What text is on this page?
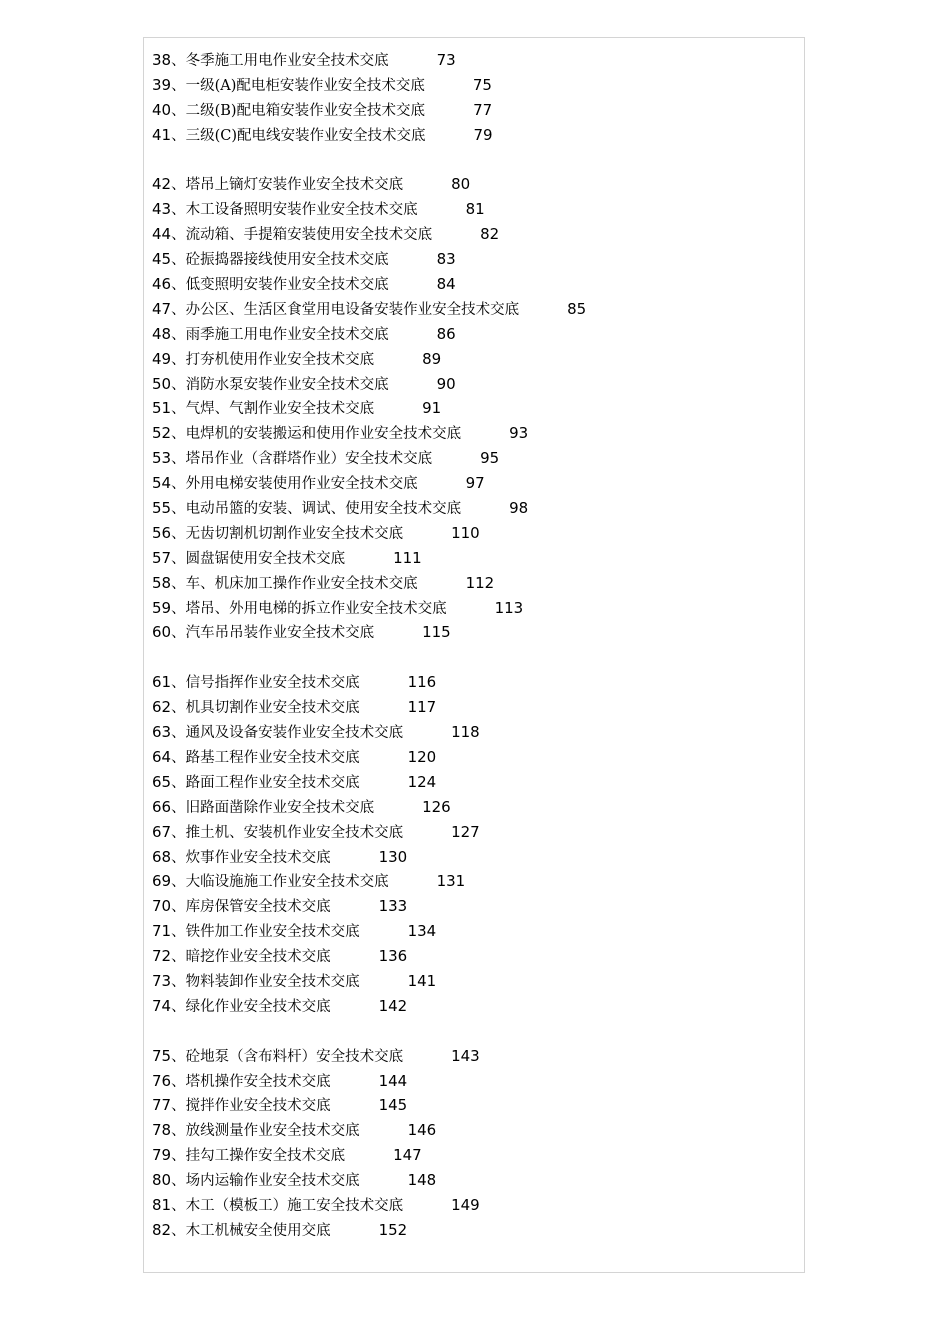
38、冬季施工用电作业安全技术交底	73
39、一级(A)配电柜安装作业安全技术交底	75
40、二级(B)配电箱安装作业安全技术交底	77
41、三级(C)配电线安装作业安全技术交底	79
42、塔吊上镝灯安装作业安全技术交底	80
43、木工设备照明安装作业安全技术交底	81
44、流动箱、手提箱安装使用安全技术交底	82
45、砼振捣器接线使用安全技术交底	83
46、低变照明安装作业安全技术交底	84
47、办公区、生活区食堂用电设备安装作业安全技术交底	85
48、雨季施工用电作业安全技术交底	86
49、打夯机使用作业安全技术交底	89
50、消防水泵安装作业安全技术交底	90
51、气焊、气割作业安全技术交底	91
52、电焊机的安装搬运和使用作业安全技术交底	93
53、塔吊作业（含群塔作业）安全技术交底	95
54、外用电梯安装使用作业安全技术交底	97
55、电动吊篮的安装、调试、使用安全技术交底	98
56、无齿切割机切割作业安全技术交底	110
57、圆盘锯使用安全技术交底	111
58、车、机床加工操作作业安全技术交底	112
59、塔吊、外用电梯的拆立作业安全技术交底	113
60、汽车吊吊装作业安全技术交底	115
61、信号指挥作业安全技术交底	116
62、机具切割作业安全技术交底	117
63、通风及设备安装作业安全技术交底	118
64、路基工程作业安全技术交底	120
65、路面工程作业安全技术交底	124
66、旧路面凿除作业安全技术交底	126
67、推土机、安装机作业安全技术交底	127
68、炊事作业安全技术交底	130
69、大临设施施工作业安全技术交底	131
70、库房保管安全技术交底	133
71、铁件加工作业安全技术交底	134
72、暗挖作业安全技术交底	136
73、物料装卸作业安全技术交底	141
74、绿化作业安全技术交底	142
75、砼地泵（含布料杆）安全技术交底	143
76、塔机操作安全技术交底	144
77、搅拌作业安全技术交底	145
78、放线测量作业安全技术交底	146
79、挂勾工操作安全技术交底	147
80、场内运输作业安全技术交底	148
81、木工（模板工）施工安全技术交底	149
82、木工机械安全使用交底	152
